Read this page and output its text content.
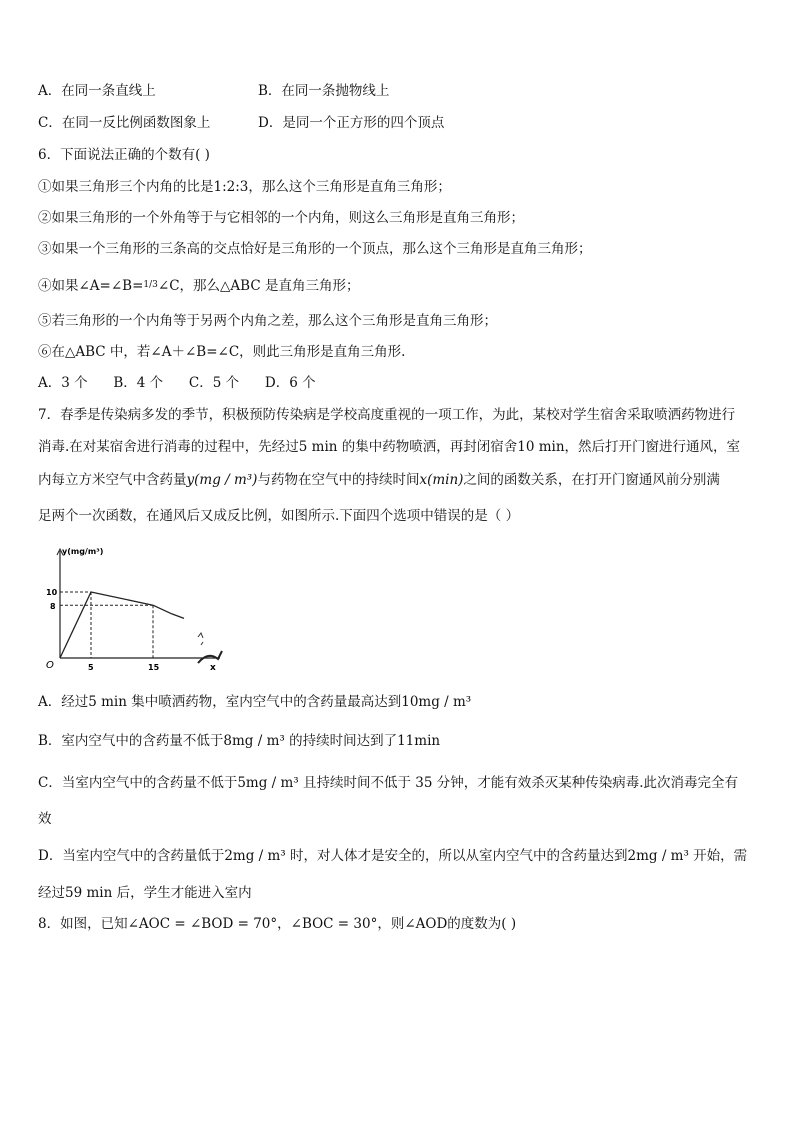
A．在同一条直线上	B．在同一条抛物线上
C．在同一反比例函数图象上	D．是同一个正方形的四个顶点
6．下面说法正确的个数有( )
①如果三角形三个内角的比是1:2:3，那么这个三角形是直角三角形；
②如果三角形的一个外角等于与它相邻的一个内角，则这么三角形是直角三角形；
③如果一个三角形的三条高的交点恰好是三角形的一个顶点，那么这个三角形是直角三角形；
④如果∠A=∠B=$^{1/3}$∠C，那么△ABC 是直角三角形；
⑤若三角形的一个内角等于另两个内角之差，那么这个三角形是直角三角形；
⑥在△ABC 中，若∠A＋∠B=∠C，则此三角形是直角三角形.
A．3 个      B．4 个      C．5 个      D．6 个
7．春季是传染病多发的季节，积极预防传染病是学校高度重视的一项工作，为此，某校对学生宿舍采取喷洒药物进行
消毒.在对某宿舍进行消毒的过程中，先经过5 min 的集中药物喷洒，再封闭宿舍10 min，然后打开门窗进行通风，室
内每立方米空气中含药量y(mg / m³)与药物在空气中的持续时间x(min)之间的函数关系，在打开门窗通风前分别满
足两个一次函数，在通风后又成反比例，如图所示.下面四个选项中错误的是（ ）
y(mg/m³)
x
O
10
8
5	15
A．经过5 min 集中喷洒药物，室内空气中的含药量最高达到10mg / m³
B．室内空气中的含药量不低于8mg / m³ 的持续时间达到了11min
C．当室内空气中的含药量不低于5mg / m³ 且持续时间不低于 35 分钟，才能有效杀灭某种传染病毒.此次消毒完全有
效
D．当室内空气中的含药量低于2mg / m³ 时，对人体才是安全的，所以从室内空气中的含药量达到2mg / m³ 开始，需
经过59 min 后，学生才能进入室内
8．如图，已知∠AOC = ∠BOD = 70°，∠BOC = 30°，则∠AOD的度数为( )
